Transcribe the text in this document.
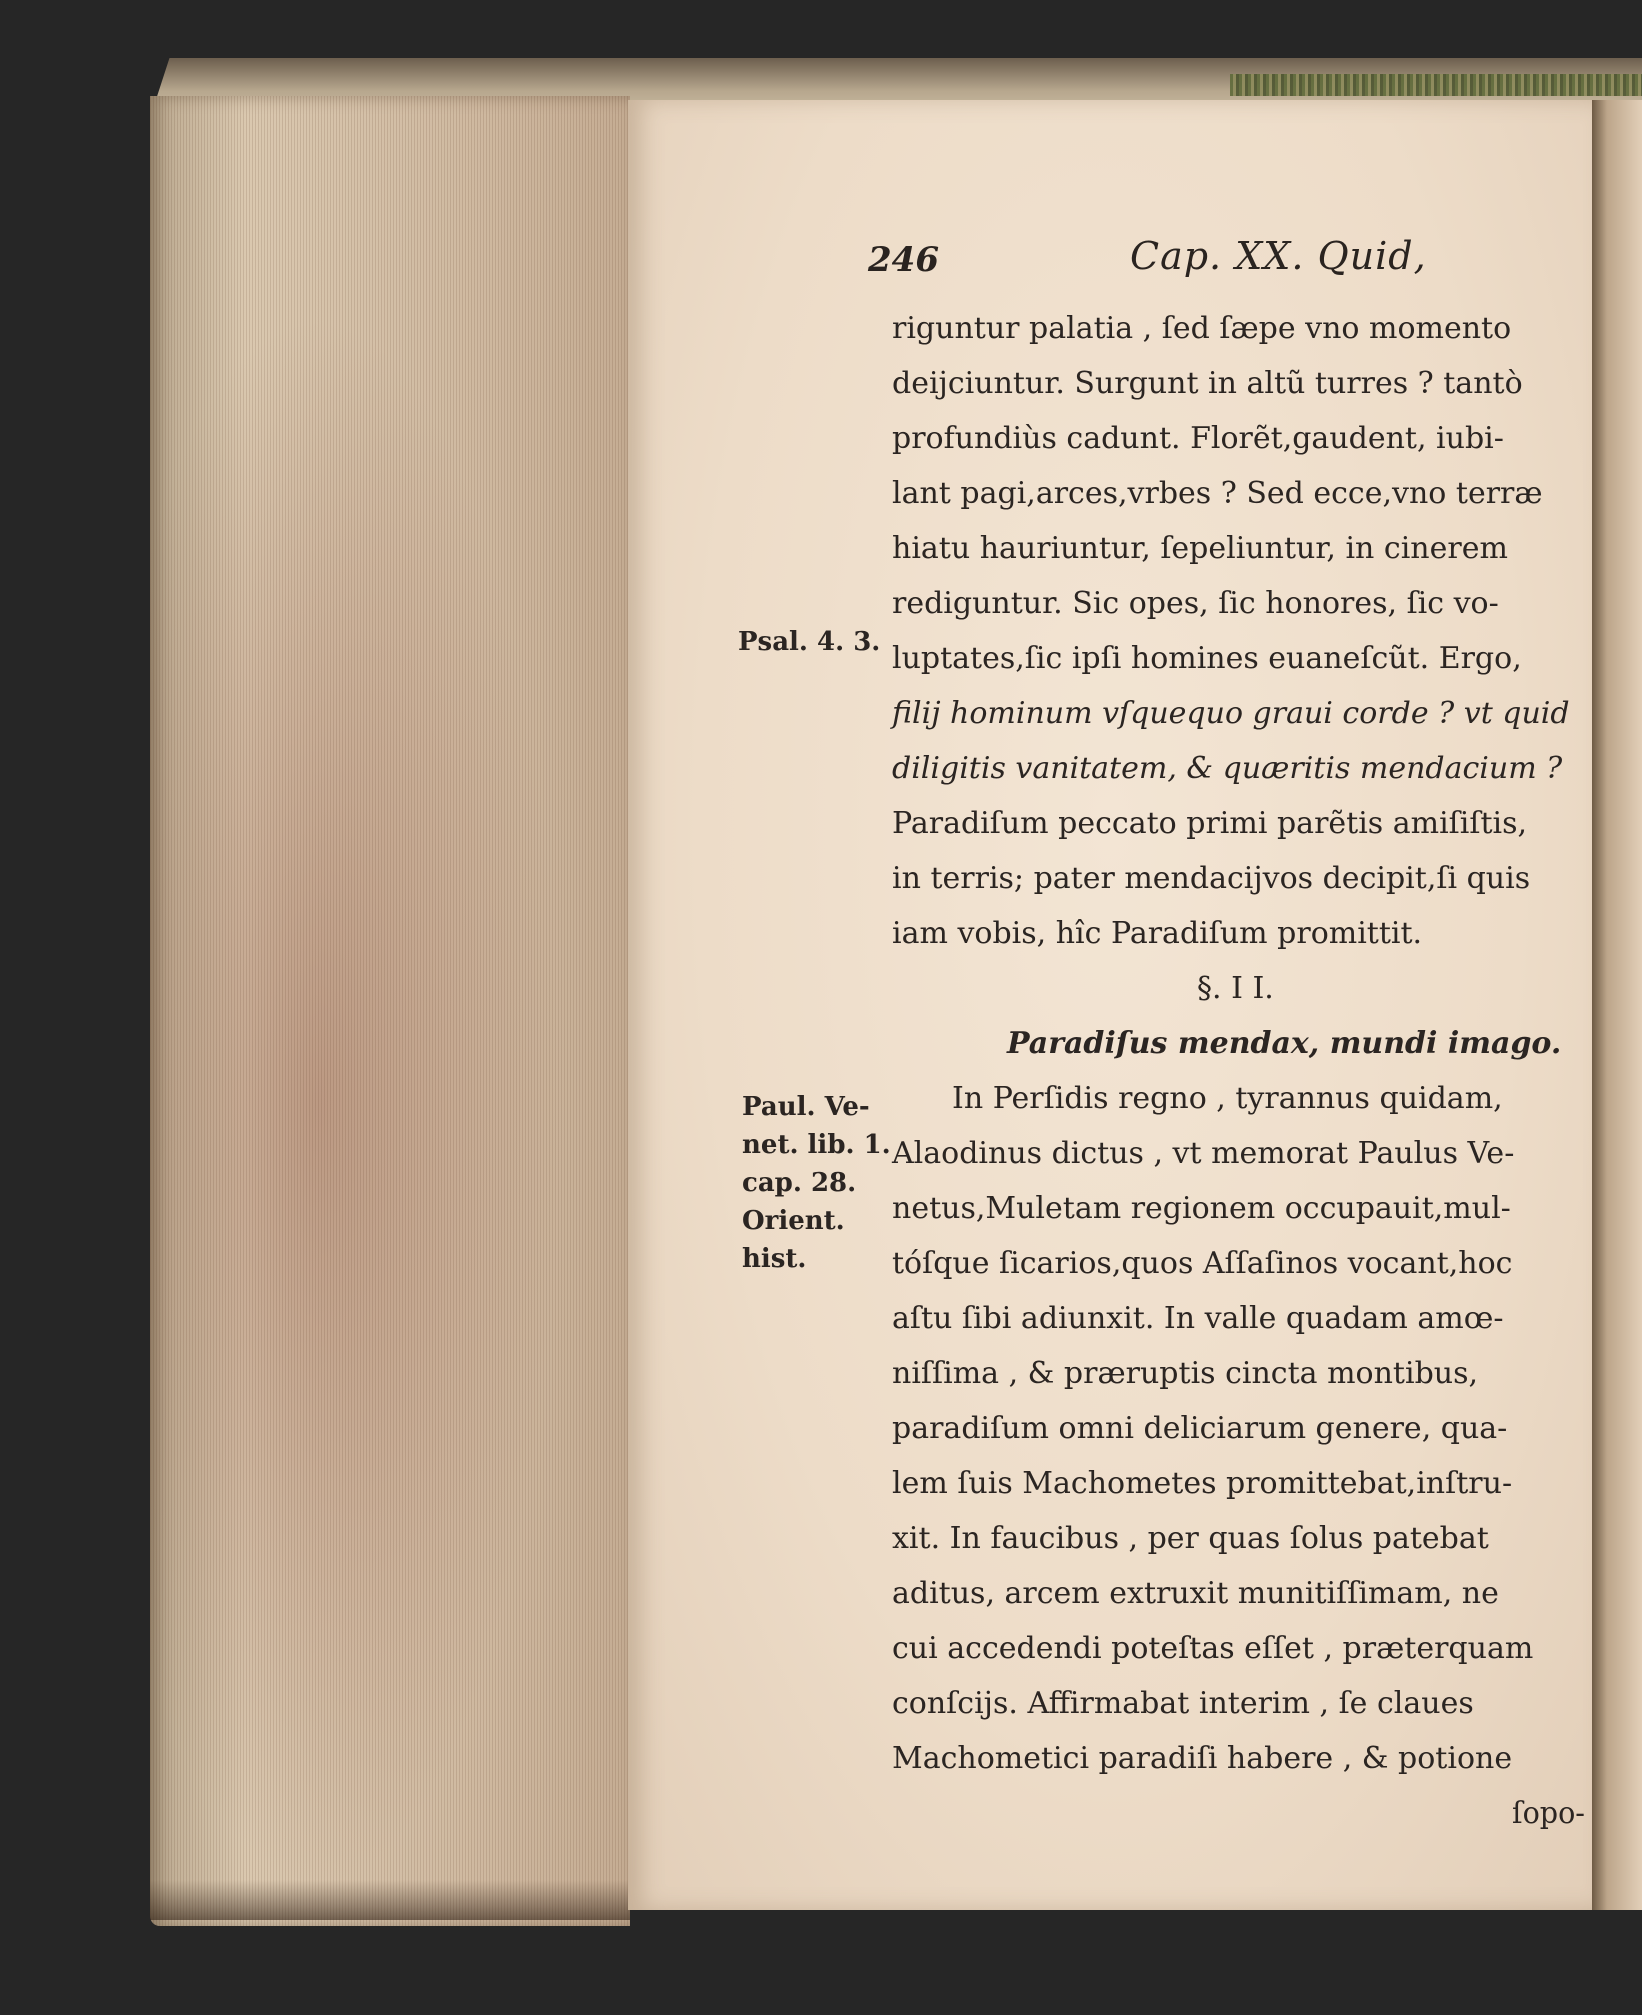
246	Cap. XX. Quid,
Psal. 4. 3.
Paul. Ve-
net. lib. 1.
cap. 28.
Orient.
hist.
riguntur palatia , ſed ſæpe vno momento
deijciuntur. Surgunt in altũ turres ? tantò
profundiùs cadunt. Florẽt,gaudent, iubi-
lant pagi,arces,vrbes ? Sed ecce,vno terræ
hiatu hauriuntur, ſepeliuntur, in cinerem
rediguntur. Sic opes, ſic honores, ſic vo-
luptates,ſic ipſi homines euaneſcũt. Ergo,
filij hominum vſquequo graui corde ? vt quid
diligitis vanitatem, & quæritis mendacium ?
Paradiſum peccato primi parẽtis amiſiſtis,
in terris; pater mendacijvos decipit,ſi quis
iam vobis, hîc Paradiſum promittit.
§. I I.
Paradiſus mendax, mundi imago.
In Perſidis regno , tyrannus quidam,
Alaodinus dictus , vt memorat Paulus Ve-
netus,Muletam regionem occupauit,mul-
tóſque ſicarios,quos Aſſaſinos vocant,hoc
aſtu ſibi adiunxit. In valle quadam amœ-
niſſima , & præruptis cincta montibus,
paradiſum omni deliciarum genere, qua-
lem ſuis Machometes promittebat,inſtru-
xit. In faucibus , per quas ſolus patebat
aditus, arcem extruxit munitiſſimam, ne
cui accedendi poteſtas eſſet , præterquam
conſcijs. Affirmabat interim , ſe claues
Machometici paradiſi habere , & potione
ſopo-
